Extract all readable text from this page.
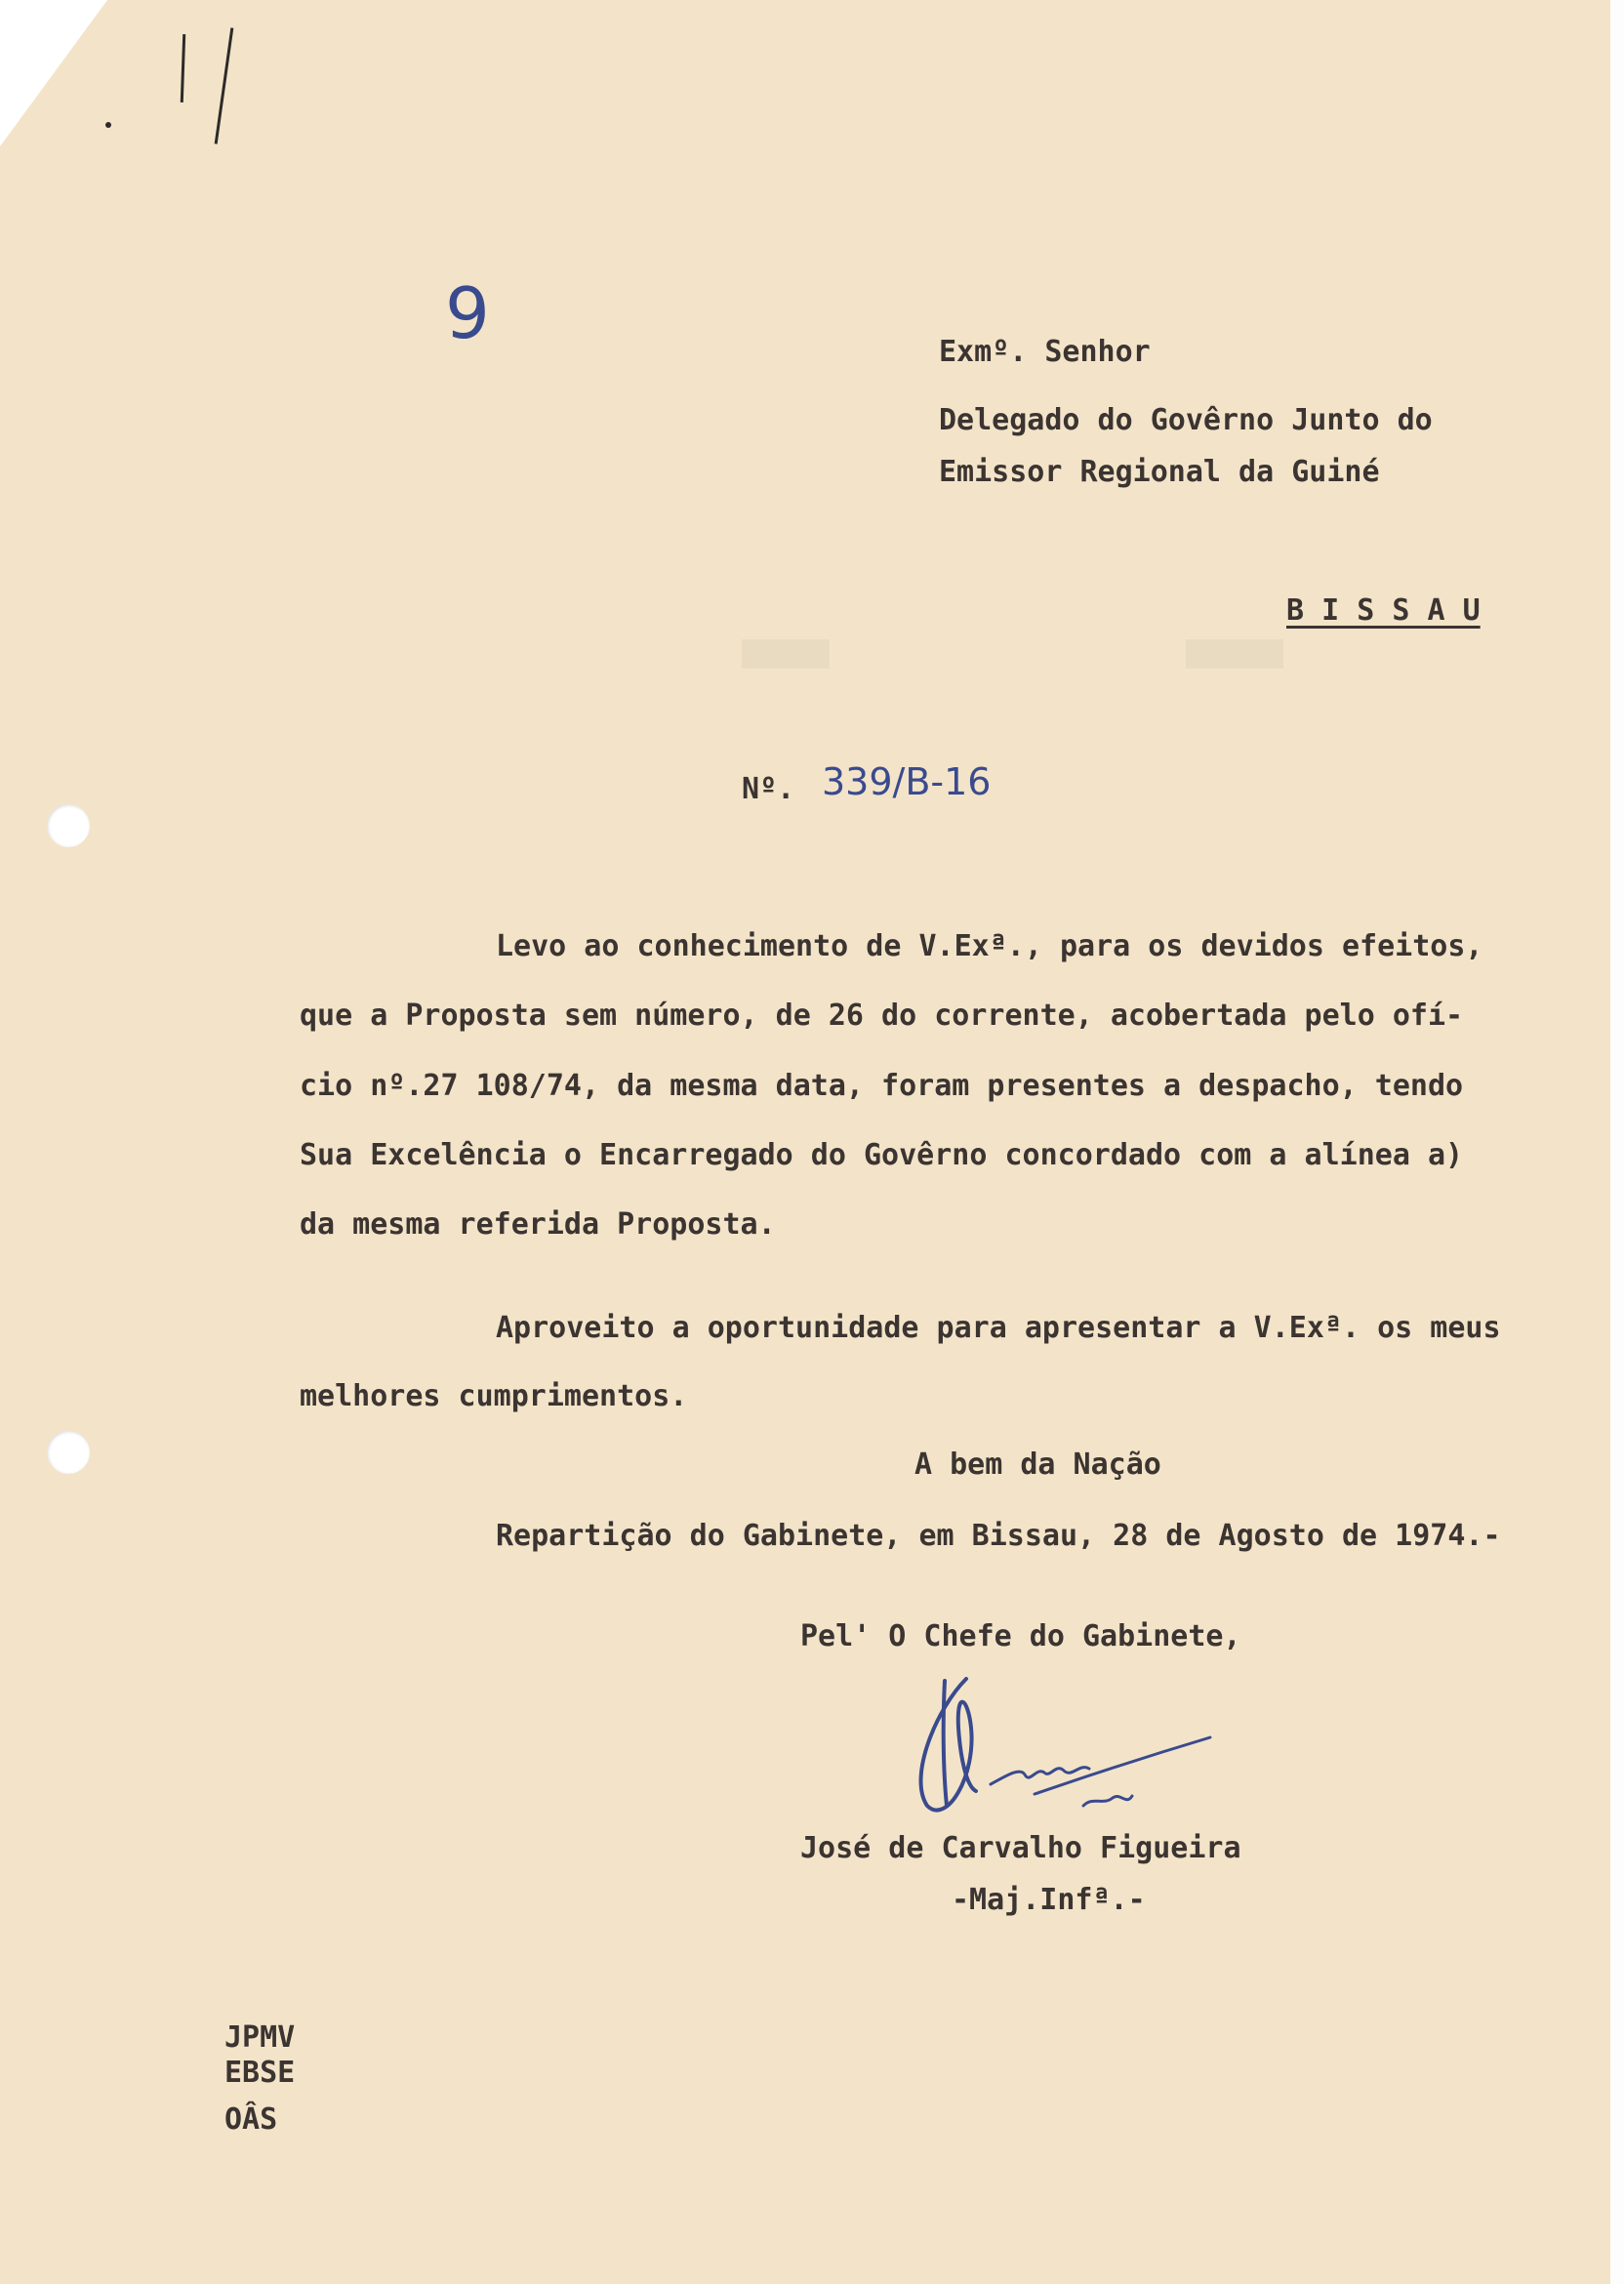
9	Exmº. Senhor
Delegado do Govêrno Junto do
Emissor Regional da Guiné
B I S S A U
Nº. 339/B-16
Levo ao conhecimento de V.Exª., para os devidos efeitos,
que a Proposta sem número, de 26 do corrente, acobertada pelo ofí-
cio nº.27 108/74, da mesma data, foram presentes a despacho, tendo
Sua Excelência o Encarregado do Govêrno concordado com a alínea a)
da mesma referida Proposta.
Aproveito a oportunidade para apresentar a V.Exª. os meus
melhores cumprimentos.
A bem da Nação
Repartição do Gabinete, em Bissau, 28 de Agosto de 1974.-
Pel' O Chefe do Gabinete,
José de Carvalho Figueira
-Maj.Infª.-
JPMV
EBSE
OÂS
